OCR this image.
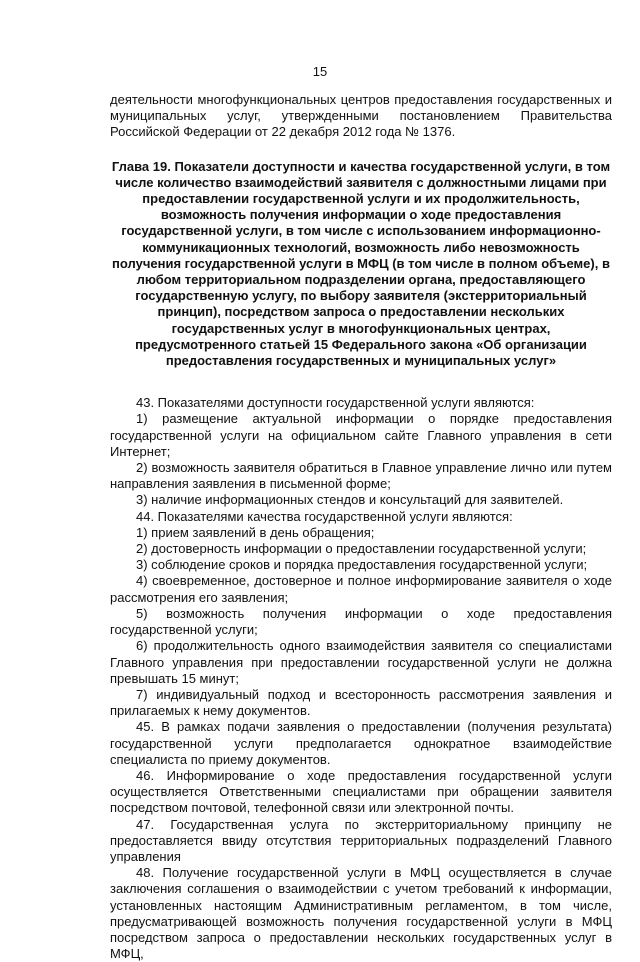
15

деятельности многофункциональных центров предоставления государственных и муниципальных услуг, утвержденными постановлением Правительства Российской Федерации от 22 декабря 2012 года № 1376.

Глава 19. Показатели доступности и качества государственной услуги, в том числе количество взаимодействий заявителя с должностными лицами при предоставлении государственной услуги и их продолжительность, возможность получения информации о ходе предоставления государственной услуги, в том числе с использованием информационно-коммуникационных технологий, возможность либо невозможность получения государственной услуги в МФЦ (в том числе в полном объеме), в любом территориальном подразделении органа, предоставляющего государственную услугу, по выбору заявителя (экстерриториальный принцип), посредством запроса о предоставлении нескольких государственных услуг в многофункциональных центрах, предусмотренного статьей 15 Федерального закона «Об организации предоставления государственных и муниципальных услуг»

43. Показателями доступности государственной услуги являются:

1) размещение актуальной информации о порядке предоставления государственной услуги на официальном сайте Главного управления в сети Интернет;

2) возможность заявителя обратиться в Главное управление лично или путем направления заявления в письменной форме;

3) наличие информационных стендов и консультаций для заявителей.

44. Показателями качества государственной услуги являются:

1) прием заявлений в день обращения;

2) достоверность информации о предоставлении государственной услуги;

3) соблюдение сроков и порядка предоставления государственной услуги;

4) своевременное, достоверное и полное информирование заявителя о ходе рассмотрения его заявления;

5) возможность получения информации о ходе предоставления государственной услуги;

6) продолжительность одного взаимодействия заявителя со специалистами Главного управления при предоставлении государственной услуги не должна превышать 15 минут;

7) индивидуальный подход и всесторонность рассмотрения заявления и прилагаемых к нему документов.

45. В рамках подачи заявления о предоставлении (получения результата) государственной услуги предполагается однократное взаимодействие специалиста по приему документов.

46. Информирование о ходе предоставления государственной услуги осуществляется Ответственными специалистами при обращении заявителя посредством почтовой, телефонной связи или электронной почты.

47. Государственная услуга по экстерриториальному принципу не предоставляется ввиду отсутствия территориальных подразделений Главного управления

48. Получение государственной услуги в МФЦ осуществляется в случае заключения соглашения о взаимодействии с учетом требований к информации, установленных настоящим Административным регламентом, в том числе, предусматривающей возможность получения государственной услуги в МФЦ посредством запроса о предоставлении нескольких государственных услуг в МФЦ,
